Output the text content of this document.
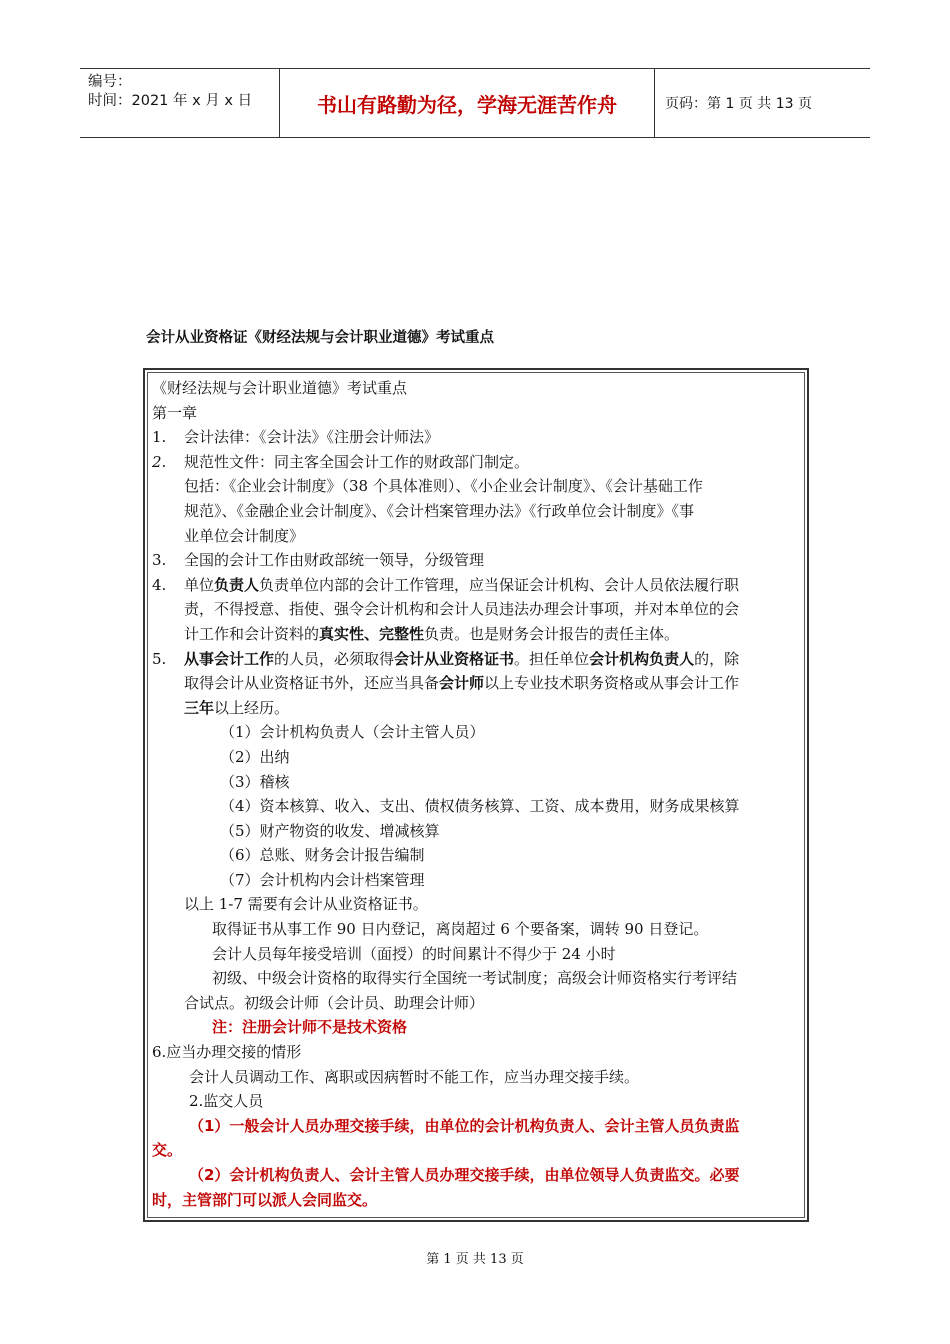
编号：
时间：2021 年 x 月 x 日	书山有路勤为径，学海无涯苦作舟	页码：第 1 页 共 13 页
会计从业资格证《财经法规与会计职业道德》考试重点
《财经法规与会计职业道德》考试重点
第一章
1. 会计法律：《会计法》《注册会计师法》
2. 规范性文件：同主客全国会计工作的财政部门制定。
包括：《企业会计制度》（38 个具体准则）、《小企业会计制度》、《会计基础工作
规范》、《金融企业会计制度》、《会计档案管理办法》《行政单位会计制度》《事
业单位会计制度》
3. 全国的会计工作由财政部统一领导，分级管理
4. 单位负责人负责单位内部的会计工作管理，应当保证会计机构、会计人员依法履行职
责，不得授意、指使、强令会计机构和会计人员违法办理会计事项，并对本单位的会
计工作和会计资料的真实性、完整性负责。也是财务会计报告的责任主体。
5. 从事会计工作的人员，必须取得会计从业资格证书。担任单位会计机构负责人的，除
取得会计从业资格证书外，还应当具备会计师以上专业技术职务资格或从事会计工作
三年以上经历。
（1）会计机构负责人（会计主管人员）
（2）出纳
（3）稽核
（4）资本核算、收入、支出、债权债务核算、工资、成本费用，财务成果核算
（5）财产物资的收发、增减核算
（6）总账、财务会计报告编制
（7）会计机构内会计档案管理
以上 1-7 需要有会计从业资格证书。
取得证书从事工作 90 日内登记，离岗超过 6 个要备案，调转 90 日登记。
会计人员每年接受培训（面授）的时间累计不得少于 24 小时
初级、中级会计资格的取得实行全国统一考试制度；高级会计师资格实行考评结
合试点。初级会计师（会计员、助理会计师）
注：注册会计师不是技术资格
6.应当办理交接的情形
会计人员调动工作、离职或因病暂时不能工作，应当办理交接手续。
2.监交人员
（1）一般会计人员办理交接手续，由单位的会计机构负责人、会计主管人员负责监
交。
（2）会计机构负责人、会计主管人员办理交接手续，由单位领导人负责监交。必要
时，主管部门可以派人会同监交。
第 1 页 共 13 页
